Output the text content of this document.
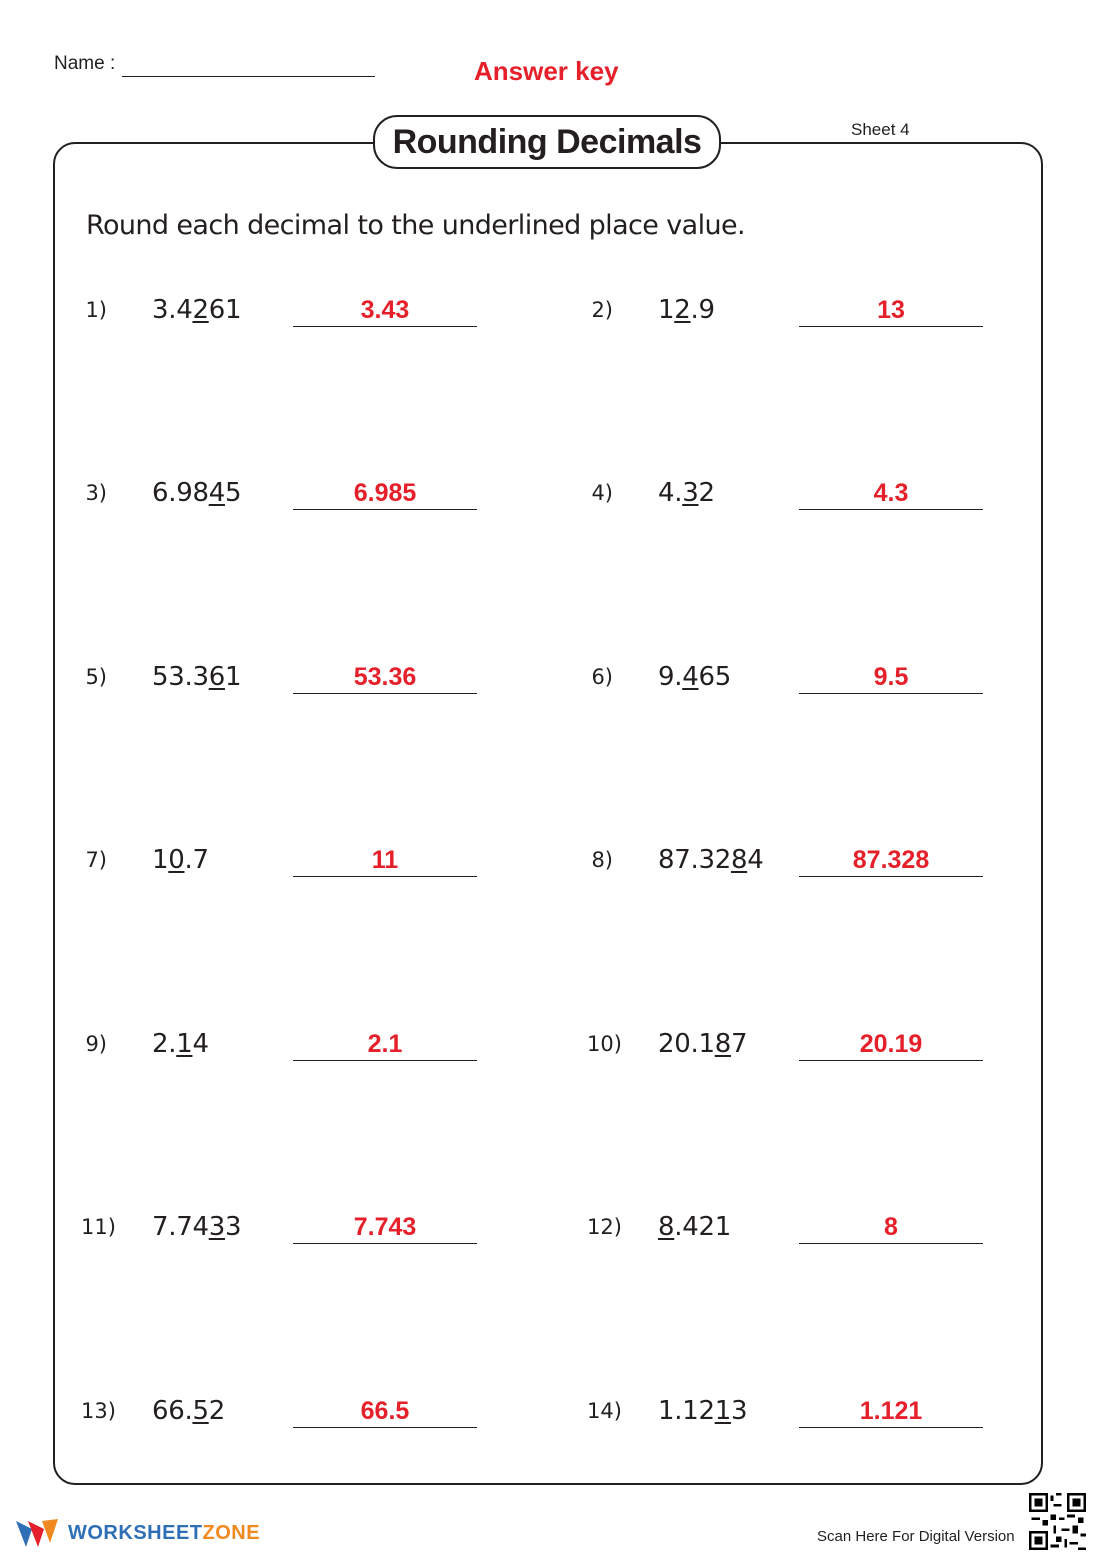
Name :	Answer key
Sheet 4
Rounding Decimals
Round each decimal to the underlined place value.
1) 3.4261	3.43	2) 12.9	13
3) 6.9845	6.985	4) 4.32	4.3
5) 53.361	53.36	6) 9.465	9.5
7) 10.7	11	8) 87.3284	87.328
9) 2.14	2.1	10) 20.187	20.19
11) 7.7433	7.743	12) 8.421	8
13) 66.52	66.5	14) 1.1213	1.121
WORKSHEETZONE	Scan Here For Digital Version
